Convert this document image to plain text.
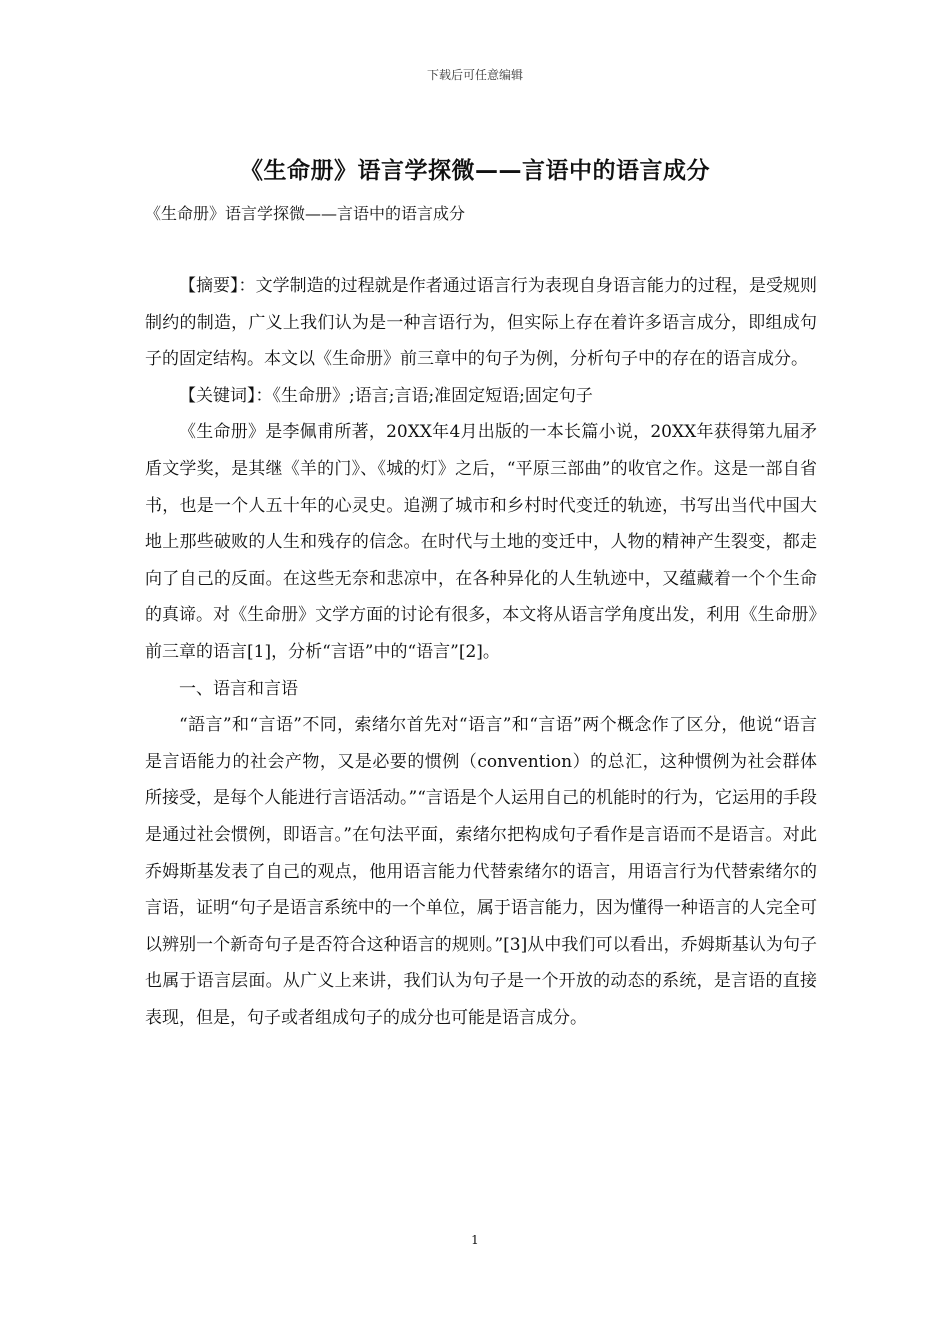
下载后可任意编辑
《生命册》语言学探微——言语中的语言成分
《生命册》语言学探微——言语中的语言成分

【摘要】：文学制造的过程就是作者通过语言行为表现自身语言能力的过程，是受规则制约的制造，广义上我们认为是一种言语行为，但实际上存在着许多语言成分，即组成句子的固定结构。本文以《生命册》前三章中的句子为例，分析句子中的存在的语言成分。

【关键词】：《生命册》;语言;言语;准固定短语;固定句子

《生命册》是李佩甫所著，20XX年4月出版的一本长篇小说，20XX年获得第九届矛盾文学奖，是其继《羊的门》、《城的灯》之后，“平原三部曲”的收官之作。这是一部自省书，也是一个人五十年的心灵史。追溯了城市和乡村时代变迁的轨迹，书写出当代中国大地上那些破败的人生和残存的信念。在时代与土地的变迁中，人物的精神产生裂变，都走向了自己的反面。在这些无奈和悲凉中，在各种异化的人生轨迹中，又蕴藏着一个个生命的真谛。对《生命册》文学方面的讨论有很多，本文将从语言学角度出发，利用《生命册》前三章的语言[1]，分析“言语”中的“语言”[2]。

一、语言和言语

“語言”和“言语”不同，索绪尔首先对“语言”和“言语”两个概念作了区分，他说“语言是言语能力的社会产物，又是必要的惯例（convention）的总汇，这种惯例为社会群体所接受，是每个人能进行言语活动。”“言语是个人运用自己的机能时的行为，它运用的手段是通过社会惯例，即语言。”在句法平面，索绪尔把构成句子看作是言语而不是语言。对此乔姆斯基发表了自己的观点，他用语言能力代替索绪尔的语言，用语言行为代替索绪尔的言语，证明“句子是语言系统中的一个单位，属于语言能力，因为懂得一种语言的人完全可以辨别一个新奇句子是否符合这种语言的规则。”[3]从中我们可以看出，乔姆斯基认为句子也属于语言层面。从广义上来讲，我们认为句子是一个开放的动态的系统，是言语的直接表现，但是，句子或者组成句子的成分也可能是语言成分。

1
